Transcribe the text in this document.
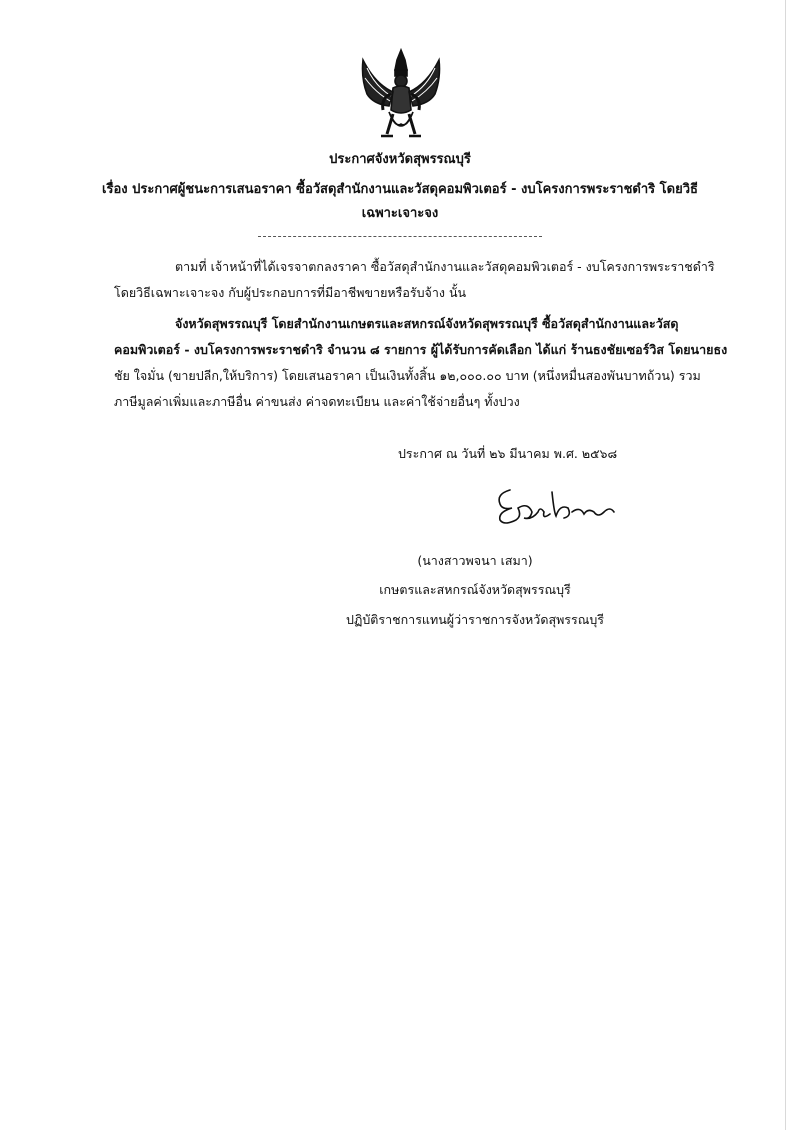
ประกาศจังหวัดสุพรรณบุรี
เรื่อง ประกาศผู้ชนะการเสนอราคา ซื้อวัสดุสำนักงานและวัสดุคอมพิวเตอร์ - งบโครงการพระราชดำริ โดยวิธี
เฉพาะเจาะจง
ตามที่ เจ้าหน้าที่ได้เจรจาตกลงราคา ซื้อวัสดุสำนักงานและวัสดุคอมพิวเตอร์ - งบโครงการพระราชดำริ
โดยวิธีเฉพาะเจาะจง กับผู้ประกอบการที่มีอาชีพขายหรือรับจ้าง นั้น
จังหวัดสุพรรณบุรี โดยสำนักงานเกษตรและสหกรณ์จังหวัดสุพรรณบุรี ซื้อวัสดุสำนักงานและวัสดุ
คอมพิวเตอร์ - งบโครงการพระราชดำริ จำนวน ๘ รายการ ผู้ได้รับการคัดเลือก ได้แก่ ร้านธงชัยเซอร์วิส โดยนายธง
ชัย ใจมั่น (ขายปลีก,ให้บริการ) โดยเสนอราคา เป็นเงินทั้งสิ้น ๑๒,๐๐๐.๐๐ บาท (หนึ่งหมื่นสองพันบาทถ้วน) รวม
ภาษีมูลค่าเพิ่มและภาษีอื่น ค่าขนส่ง ค่าจดทะเบียน และค่าใช้จ่ายอื่นๆ ทั้งปวง
ประกาศ ณ วันที่ ๒๖ มีนาคม พ.ศ. ๒๕๖๘
(นางสาวพจนา เสมา)
เกษตรและสหกรณ์จังหวัดสุพรรณบุรี
ปฏิบัติราชการแทนผู้ว่าราชการจังหวัดสุพรรณบุรี
